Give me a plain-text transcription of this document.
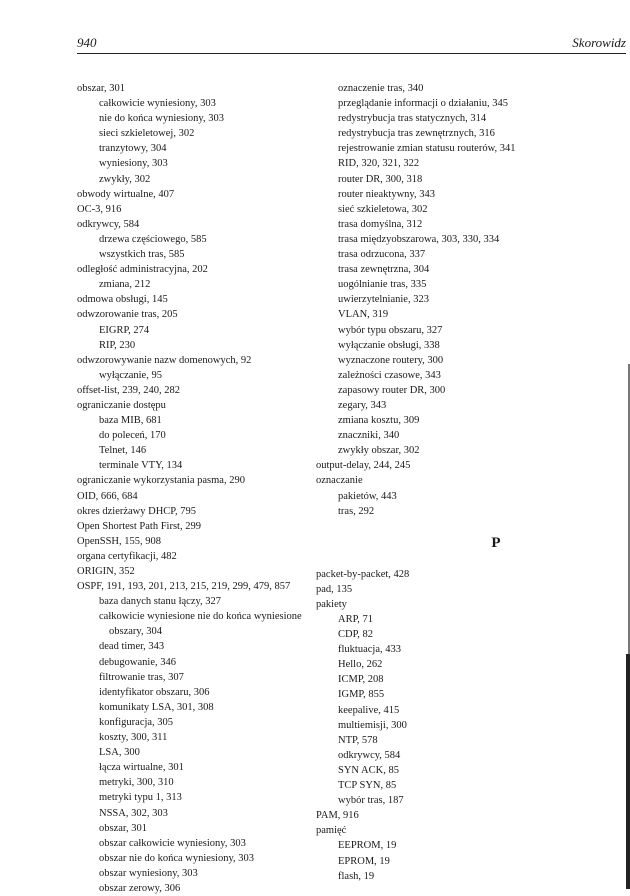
940	Skorowidz
obszar, 301
całkowicie wyniesiony, 303
nie do końca wyniesiony, 303
sieci szkieletowej, 302
tranzytowy, 304
wyniesiony, 303
zwykły, 302
obwody wirtualne, 407
OC-3, 916
odkrywcy, 584
drzewa częściowego, 585
wszystkich tras, 585
odległość administracyjna, 202
zmiana, 212
odmowa obsługi, 145
odwzorowanie tras, 205
EIGRP, 274
RIP, 230
odwzorowywanie nazw domenowych, 92
wyłączanie, 95
offset-list, 239, 240, 282
ograniczanie dostępu
baza MIB, 681
do poleceń, 170
Telnet, 146
terminale VTY, 134
ograniczanie wykorzystania pasma, 290
OID, 666, 684
okres dzierżawy DHCP, 795
Open Shortest Path First, 299
OpenSSH, 155, 908
organa certyfikacji, 482
ORIGIN, 352
OSPF, 191, 193, 201, 213, 215, 219, 299, 479, 857
baza danych stanu łączy, 327
całkowicie wyniesione nie do końca wyniesione
obszary, 304
dead timer, 343
debugowanie, 346
filtrowanie tras, 307
identyfikator obszaru, 306
komunikaty LSA, 301, 308
konfiguracja, 305
koszty, 300, 311
LSA, 300
łącza wirtualne, 301
metryki, 300, 310
metryki typu 1, 313
NSSA, 302, 303
obszar, 301
obszar całkowicie wyniesiony, 303
obszar nie do końca wyniesiony, 303
obszar wyniesiony, 303
obszar zerowy, 306
oznaczenie tras, 340
przeglądanie informacji o działaniu, 345
redystrybucja tras statycznych, 314
redystrybucja tras zewnętrznych, 316
rejestrowanie zmian statusu routerów, 341
RID, 320, 321, 322
router DR, 300, 318
router nieaktywny, 343
sieć szkieletowa, 302
trasa domyślna, 312
trasa międzyobszarowa, 303, 330, 334
trasa odrzucona, 337
trasa zewnętrzna, 304
uogólnianie tras, 335
uwierzytelnianie, 323
VLAN, 319
wybór typu obszaru, 327
wyłączanie obsługi, 338
wyznaczone routery, 300
zależności czasowe, 343
zapasowy router DR, 300
zegary, 343
zmiana kosztu, 309
znaczniki, 340
zwykły obszar, 302
output-delay, 244, 245
oznaczanie
pakietów, 443
tras, 292
P
packet-by-packet, 428
pad, 135
pakiety
ARP, 71
CDP, 82
fluktuacja, 433
Hello, 262
ICMP, 208
IGMP, 855
keepalive, 415
multiemisji, 300
NTP, 578
odkrywcy, 584
SYN ACK, 85
TCP SYN, 85
wybór tras, 187
PAM, 916
pamięć
EEPROM, 19
EPROM, 19
flash, 19
